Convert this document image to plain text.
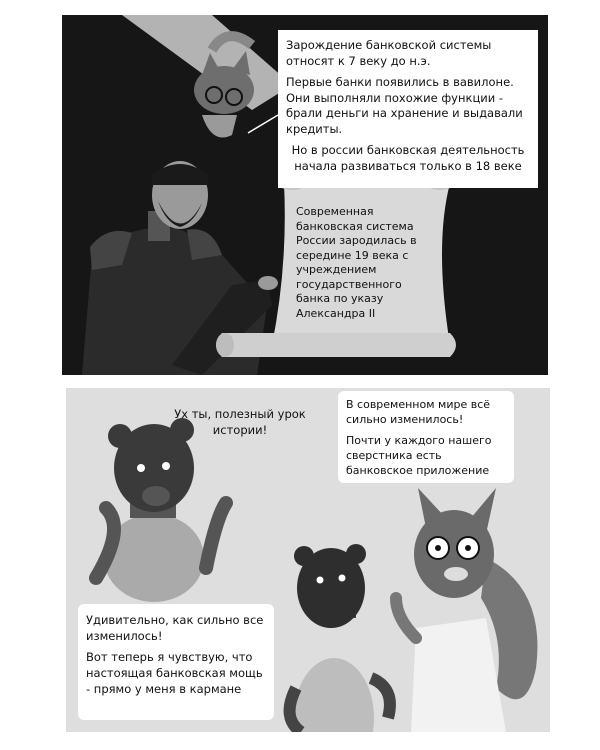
Зарождение банковской системы относят к 7 веку до н.э.

Первые банки появились в вавилоне. Они выполняли похожие функции - брали деньги на хранение и выдавали кредиты.

Но в россии банковская деятельность начала развиваться только в 18 веке

Современная банковская система России зародилась в середине 19 века с учреждением государственного банка по указу Александра II
Ух ты, полезный урок истории!

В современном мире всё сильно изменилось!

Почти у каждого нашего сверстника есть банковское приложение

Удивительно, как сильно все изменилось!

Вот теперь я чувствую, что настоящая банковская мощь - прямо у меня в кармане
